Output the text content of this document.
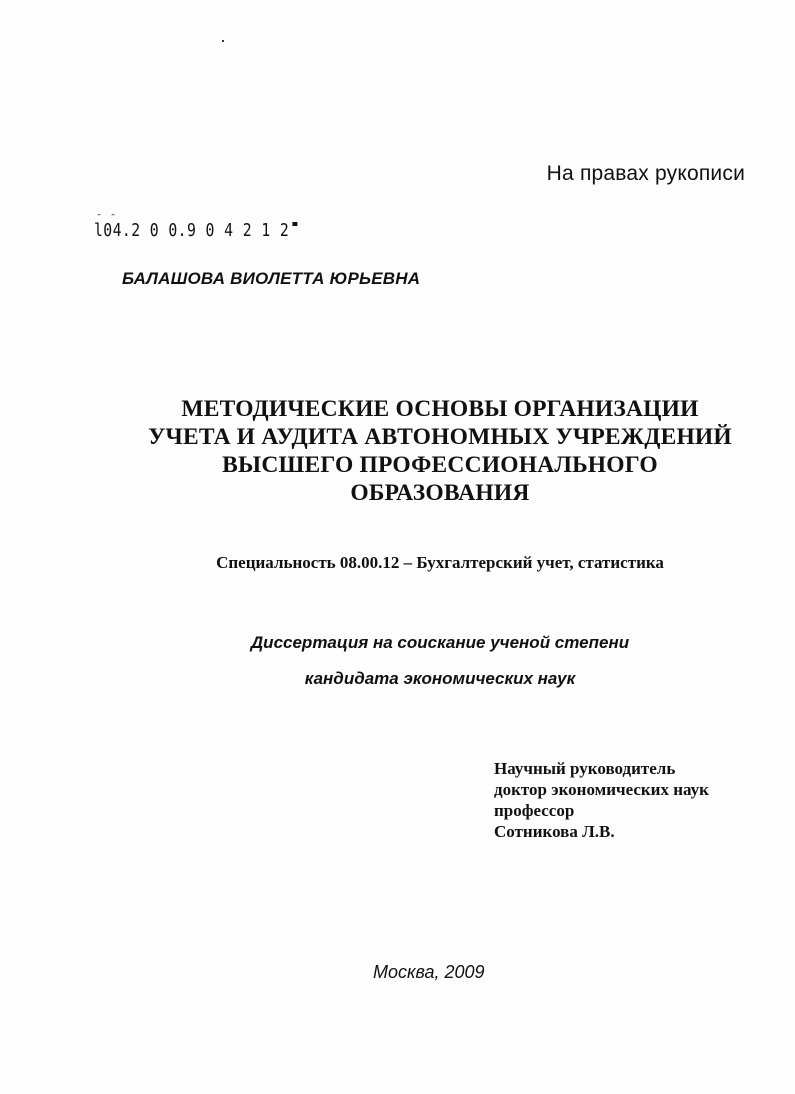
На правах рукописи
ˉ ˉ
l04.2 0 0.9 0 4 2 1 2
БАЛАШОВА ВИОЛЕТТА ЮРЬЕВНА
МЕТОДИЧЕСКИЕ ОСНОВЫ ОРГАНИЗАЦИИ
УЧЕТА И АУДИТА АВТОНОМНЫХ УЧРЕЖДЕНИЙ
ВЫСШЕГО ПРОФЕССИОНАЛЬНОГО
ОБРАЗОВАНИЯ
Специальность 08.00.12 – Бухгалтерский учет, статистика
Диссертация на соискание ученой степени
кандидата экономических наук
Научный руководитель
доктор экономических наук
профессор
Сотникова Л.В.
Москва, 2009
